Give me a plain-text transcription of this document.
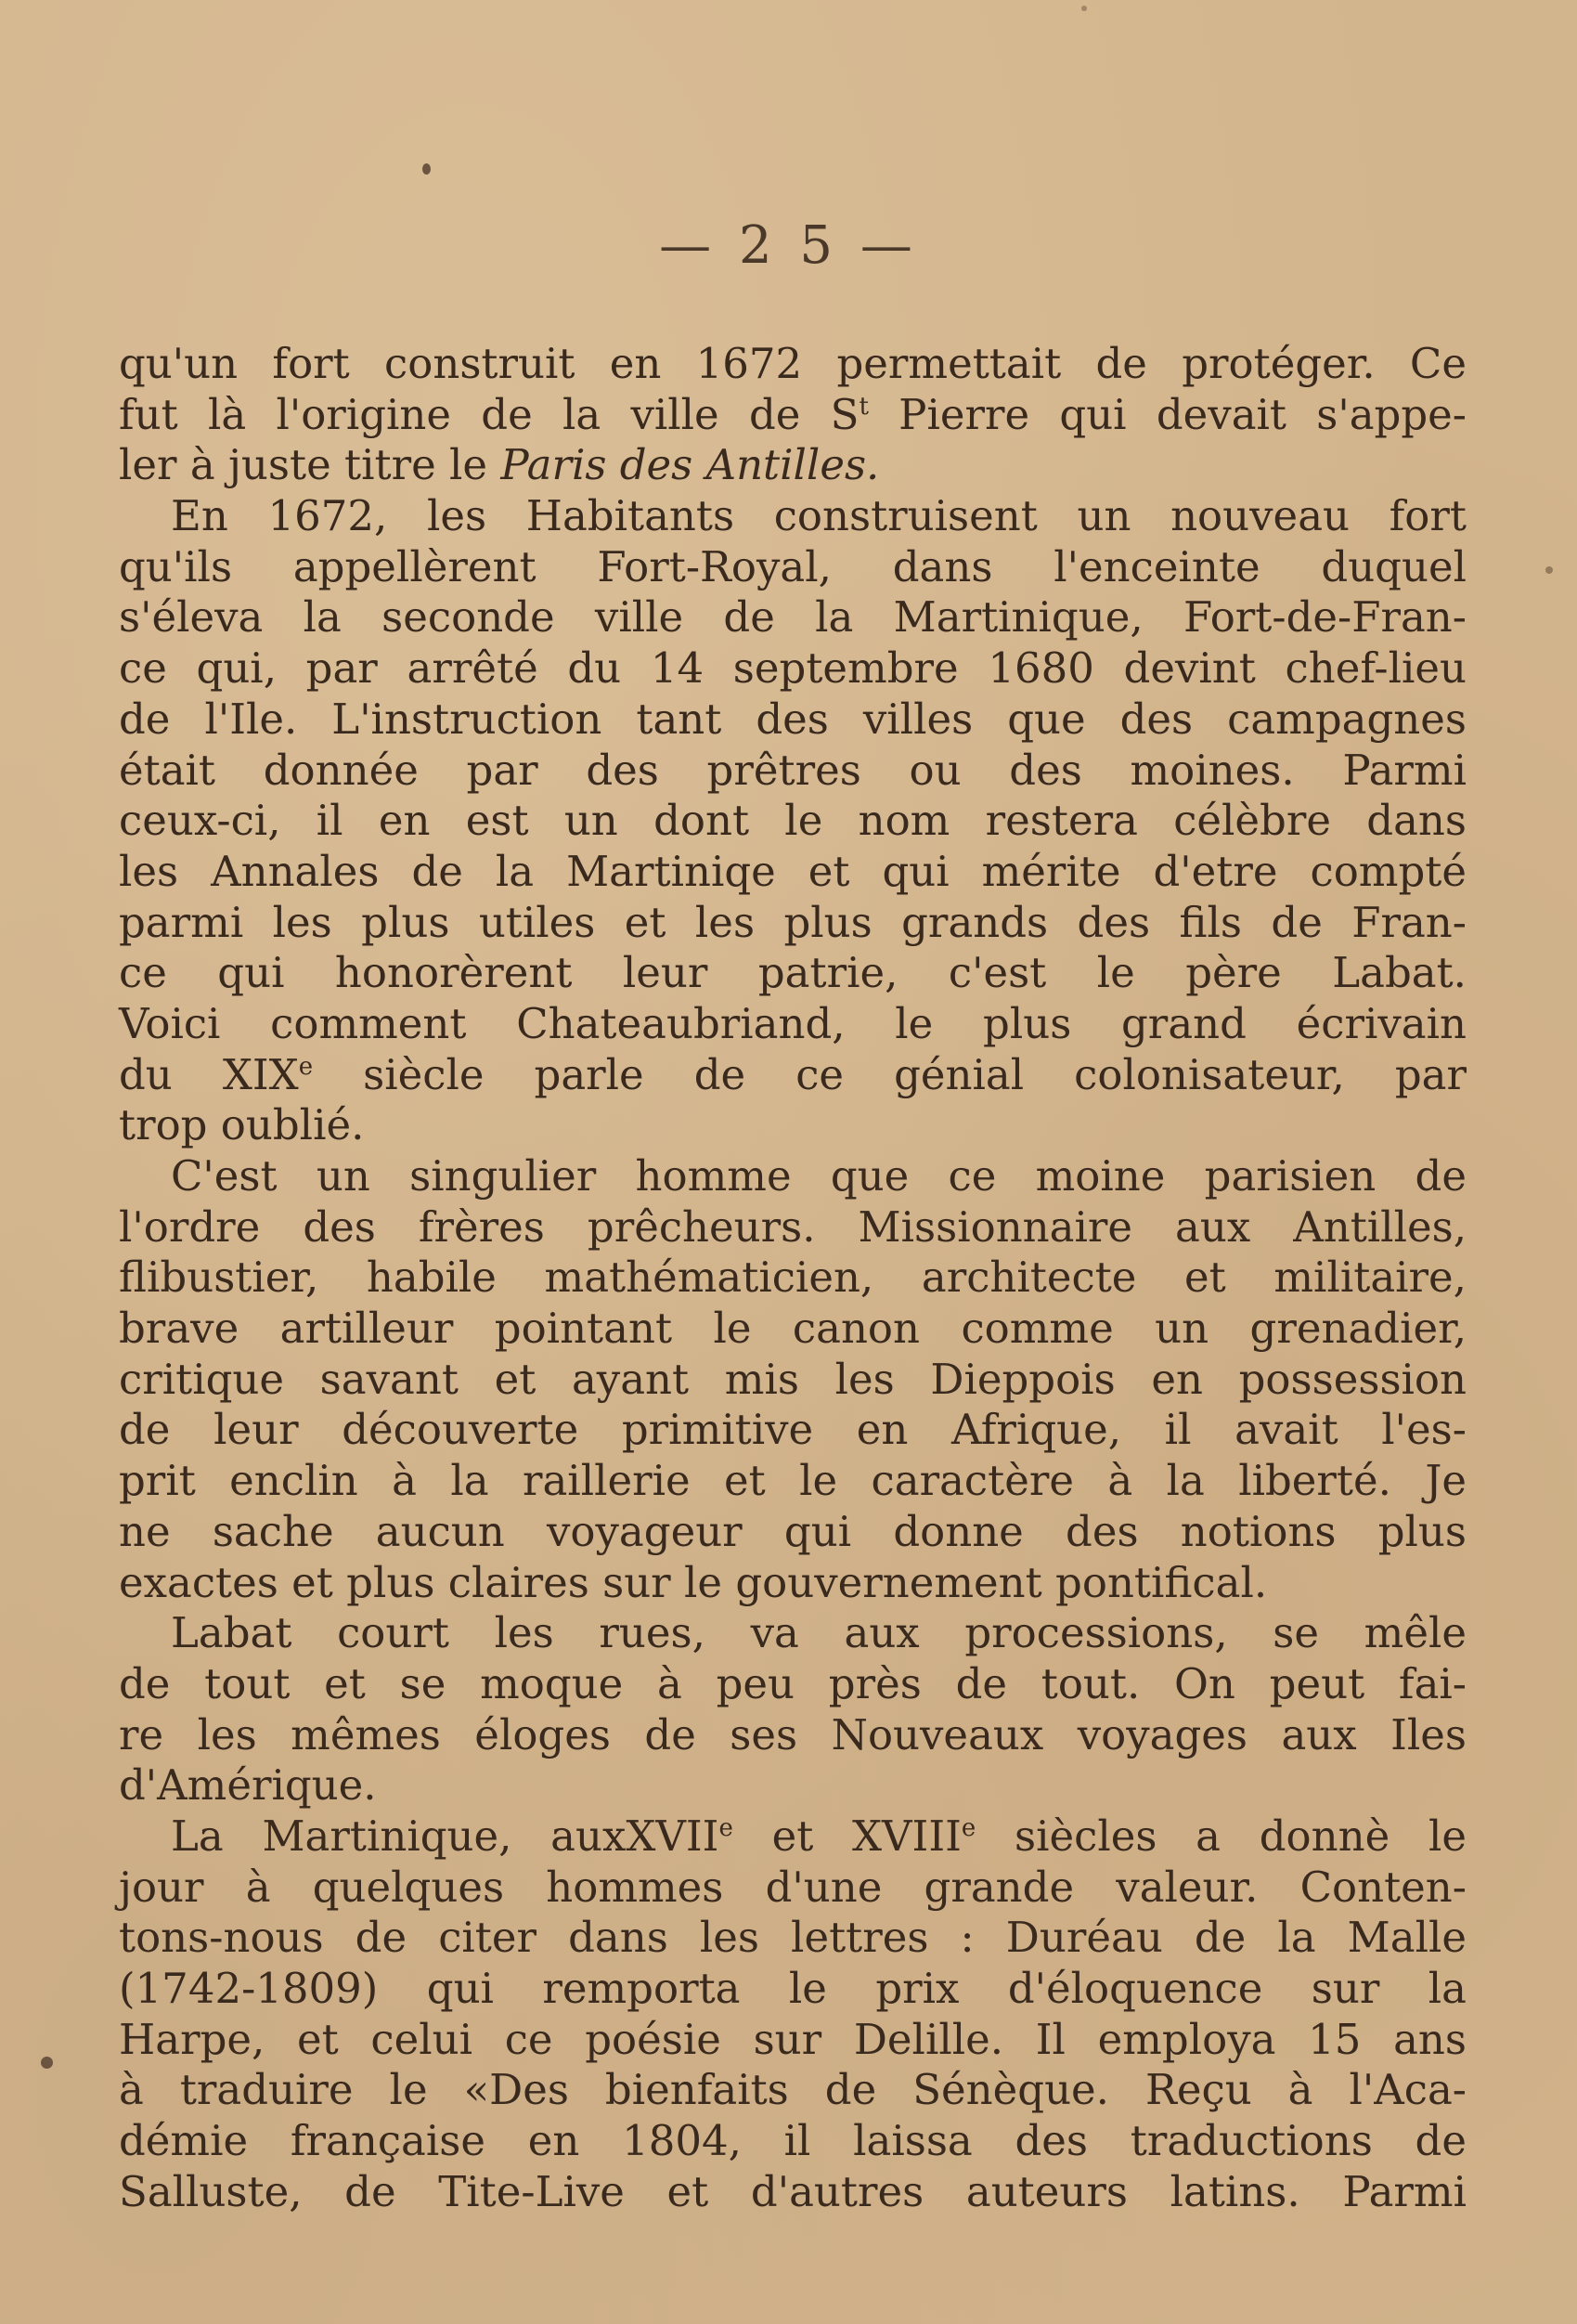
— 2 5 —
qu'un fort construit en 1672 permettait de protéger. Ce
fut là l'origine de la ville de $S^t$ Pierre qui devait s'appe-
ler à juste titre le Paris des Antilles.
En 1672, les Habitants construisent un nouveau fort
qu'ils appellèrent Fort-Royal, dans l'enceinte duquel
s'éleva la seconde ville de la Martinique, Fort-de-Fran-
ce qui, par arrêté du 14 septembre 1680 devint chef-lieu
de l'Ile. L'instruction tant des villes que des campagnes
était donnée par des prêtres ou des moines. Parmi
ceux-ci, il en est un dont le nom restera célèbre dans
les Annales de la Martiniqe et qui mérite d'etre compté
parmi les plus utiles et les plus grands des fils de Fran-
ce qui honorèrent leur patrie, c'est le père Labat.
Voici comment Chateaubriand, le plus grand écrivain
du XIXe siècle parle de ce génial colonisateur, par
trop oublié.
C'est un singulier homme que ce moine parisien de
l'ordre des frères prêcheurs. Missionnaire aux Antilles,
flibustier, habile mathématicien, architecte et militaire,
brave artilleur pointant le canon comme un grenadier,
critique savant et ayant mis les Dieppois en possession
de leur découverte primitive en Afrique, il avait l'es-
prit enclin à la raillerie et le caractère à la liberté. Je
ne sache aucun voyageur qui donne des notions plus
exactes et plus claires sur le gouvernement pontifical.
Labat court les rues, va aux processions, se mêle
de tout et se moque à peu près de tout. On peut fai-
re les mêmes éloges de ses Nouveaux voyages aux Iles
d'Amérique.
La Martinique, auxXVII$^e$ et XVIIIe siècles a donnè le
jour à quelques hommes d'une grande valeur. Conten-
tons-nous de citer dans les lettres : Duréau de la Malle
(1742-1809) qui remporta le prix d'éloquence sur la
Harpe, et celui ce poésie sur Delille. Il employa 15 ans
à traduire le «Des bienfaits de Sénèque. Reçu à l'Aca-
démie française en 1804, il laissa des traductions de
Salluste, de Tite-Live et d'autres auteurs latins. Parmi
